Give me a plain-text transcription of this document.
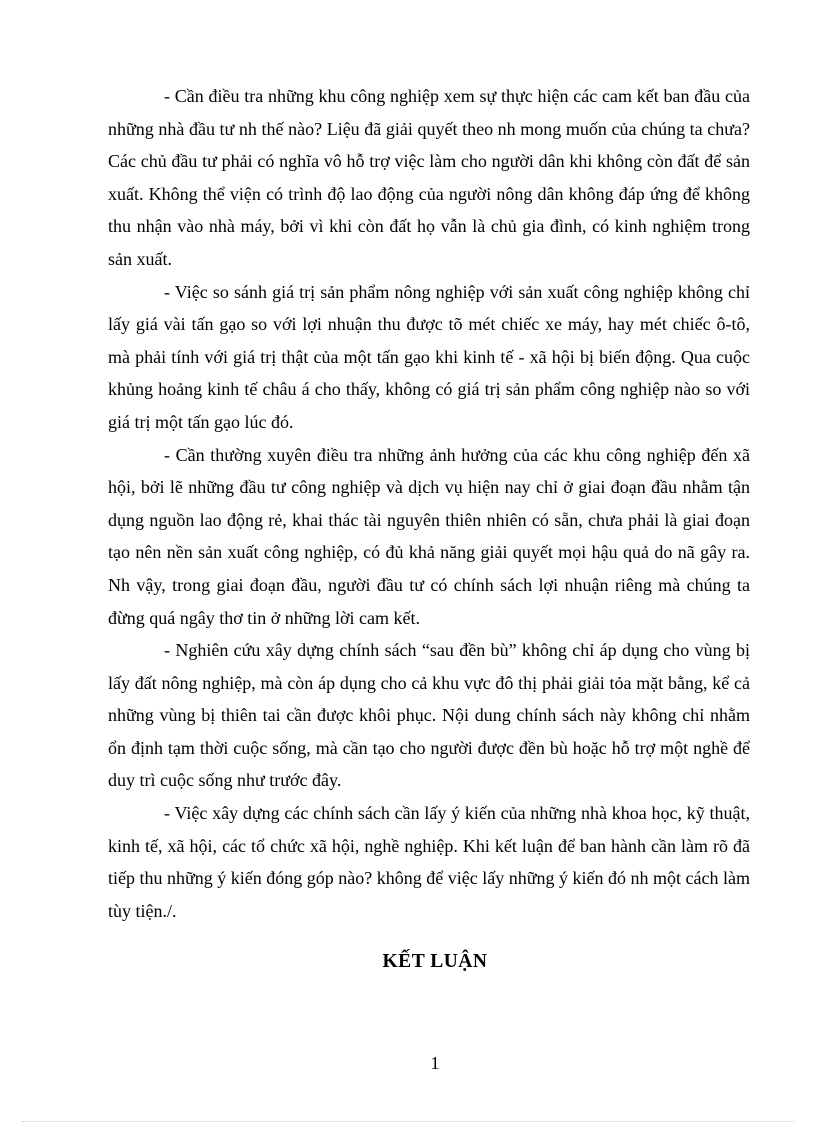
- Cần điều tra những khu công nghiệp xem sự thực hiện các cam kết ban đầu của những nhà đầu tư nh thế nào? Liệu đã giải quyết theo nh mong muốn của chúng ta chưa? Các chủ đầu tư phải có nghĩa vô hỗ trợ việc làm cho người dân khi không còn đất để sản xuất. Không thể viện có trình độ lao động của người nông dân không đáp ứng để không thu nhận vào nhà máy, bởi vì khi còn đất họ vẫn là chủ gia đình, có kinh nghiệm trong sản xuất.

- Việc so sánh giá trị sản phẩm nông nghiệp với sản xuất công nghiệp không chỉ lấy giá vài tấn gạo so với lợi nhuận thu được tõ mét chiếc xe máy, hay mét chiếc ô-tô, mà phải tính với giá trị thật của một tấn gạo khi kinh tế - xã hội bị biến động. Qua cuộc khủng hoảng kinh tế châu á cho thấy, không có giá trị sản phẩm công nghiệp nào so với giá trị một tấn gạo lúc đó.

- Cần thường xuyên điều tra những ảnh hưởng của các khu công nghiệp đến xã hội, bởi lẽ những đầu tư công nghiệp và dịch vụ hiện nay chỉ ở giai đoạn đầu nhằm tận dụng nguồn lao động rẻ, khai thác tài nguyên thiên nhiên có sẵn, chưa phải là giai đoạn tạo nên nền sản xuất công nghiệp, có đủ khả năng giải quyết mọi hậu quả do nã gây ra. Nh vậy, trong giai đoạn đầu, người đầu tư có chính sách lợi nhuận riêng mà chúng ta đừng quá ngây thơ tin ở những lời cam kết.

- Nghiên cứu xây dựng chính sách “sau đền bù” không chỉ áp dụng cho vùng bị lấy đất nông nghiệp, mà còn áp dụng cho cả khu vực đô thị phải giải tỏa mặt bằng, kể cả những vùng bị thiên tai cần được khôi phục. Nội dung chính sách này không chỉ nhằm ổn định tạm thời cuộc sống, mà cần tạo cho người được đền bù hoặc hỗ trợ một nghề để duy trì cuộc sống như trước đây.

- Việc xây dựng các chính sách cần lấy ý kiến của những nhà khoa học, kỹ thuật, kinh tế, xã hội, các tổ chức xã hội, nghề nghiệp. Khi kết luận để ban hành cần làm rõ đã tiếp thu những ý kiến đóng góp nào? không để việc lấy những ý kiến đó nh một cách làm tùy tiện./.

KẾT LUẬN

1
